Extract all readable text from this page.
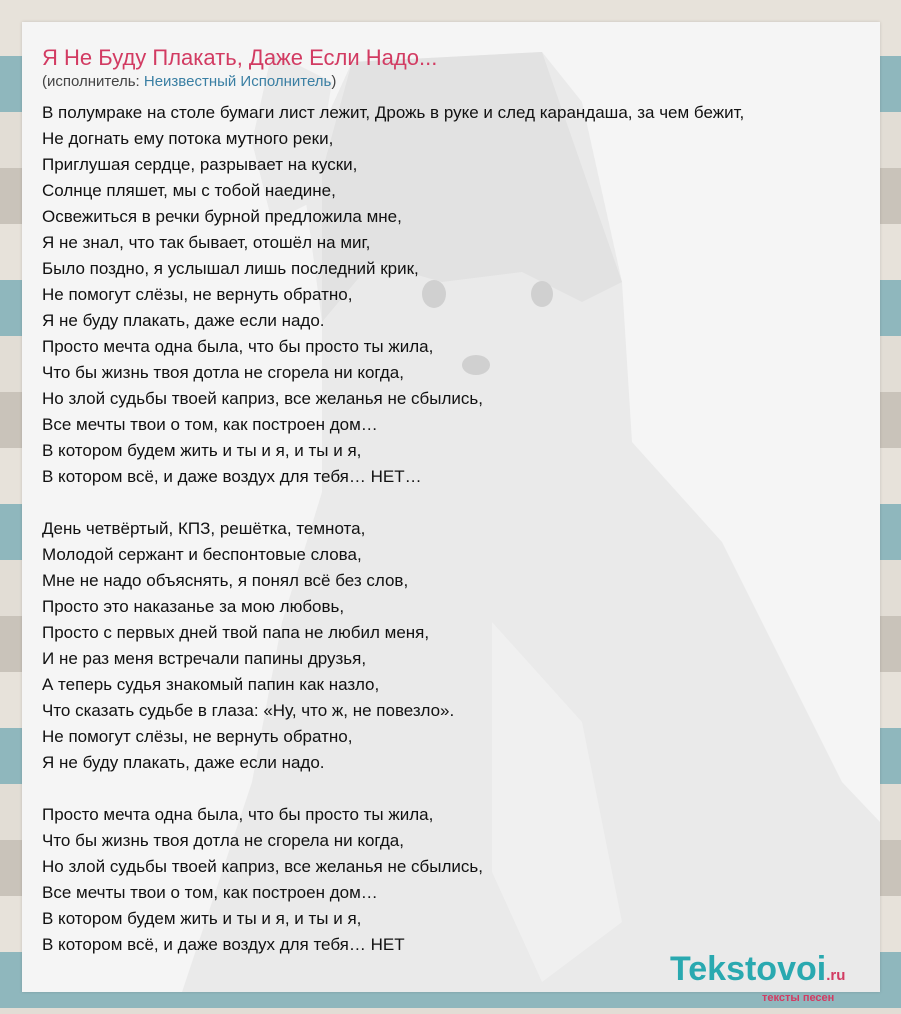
Я Не Буду Плакать, Даже Если Надо...

(исполнитель: Неизвестный Исполнитель)

В полумраке на столе бумаги лист лежит, Дрожь в руке и след карандаша, за чем бежит,
Не догнать ему потока мутного реки,
Приглушая сердце, разрывает на куски,
Солнце пляшет, мы с тобой наедине,
Освежиться в речки бурной предложила мне,
Я не знал, что так бывает, отошёл на миг,
Было поздно, я услышал лишь последний крик,
Не помогут слёзы, не вернуть обратно,
Я не буду плакать, даже если надо.
Просто мечта одна была, что бы просто ты жила,
Что бы жизнь твоя дотла не сгорела ни когда,
Но злой судьбы твоей каприз, все желанья не сбылись,
Все мечты твои о том, как построен дом…
В котором будем жить и ты и я, и ты и я,
В котором всё, и даже воздух для тебя… НЕТ…
День четвёртый, КПЗ, решётка, темнота,
Молодой сержант и беспонтовые слова,
Мне не надо объяснять, я понял всё без слов,
Просто это наказанье за мою любовь,
Просто с первых дней твой папа не любил меня,
И не раз меня встречали папины друзья,
А теперь судья знакомый папин как назло,
Что сказать судьбе в глаза: «Ну, что ж, не повезло».
Не помогут слёзы, не вернуть обратно,
Я не буду плакать, даже если надо.
Просто мечта одна была, что бы просто ты жила,
Что бы жизнь твоя дотла не сгорела ни когда,
Но злой судьбы твоей каприз, все желанья не сбылись,
Все мечты твои о том, как построен дом…
В котором будем жить и ты и я, и ты и я,
В котором всё, и даже воздух для тебя… НЕТ
Tekstovoi.ru
тексты песен
